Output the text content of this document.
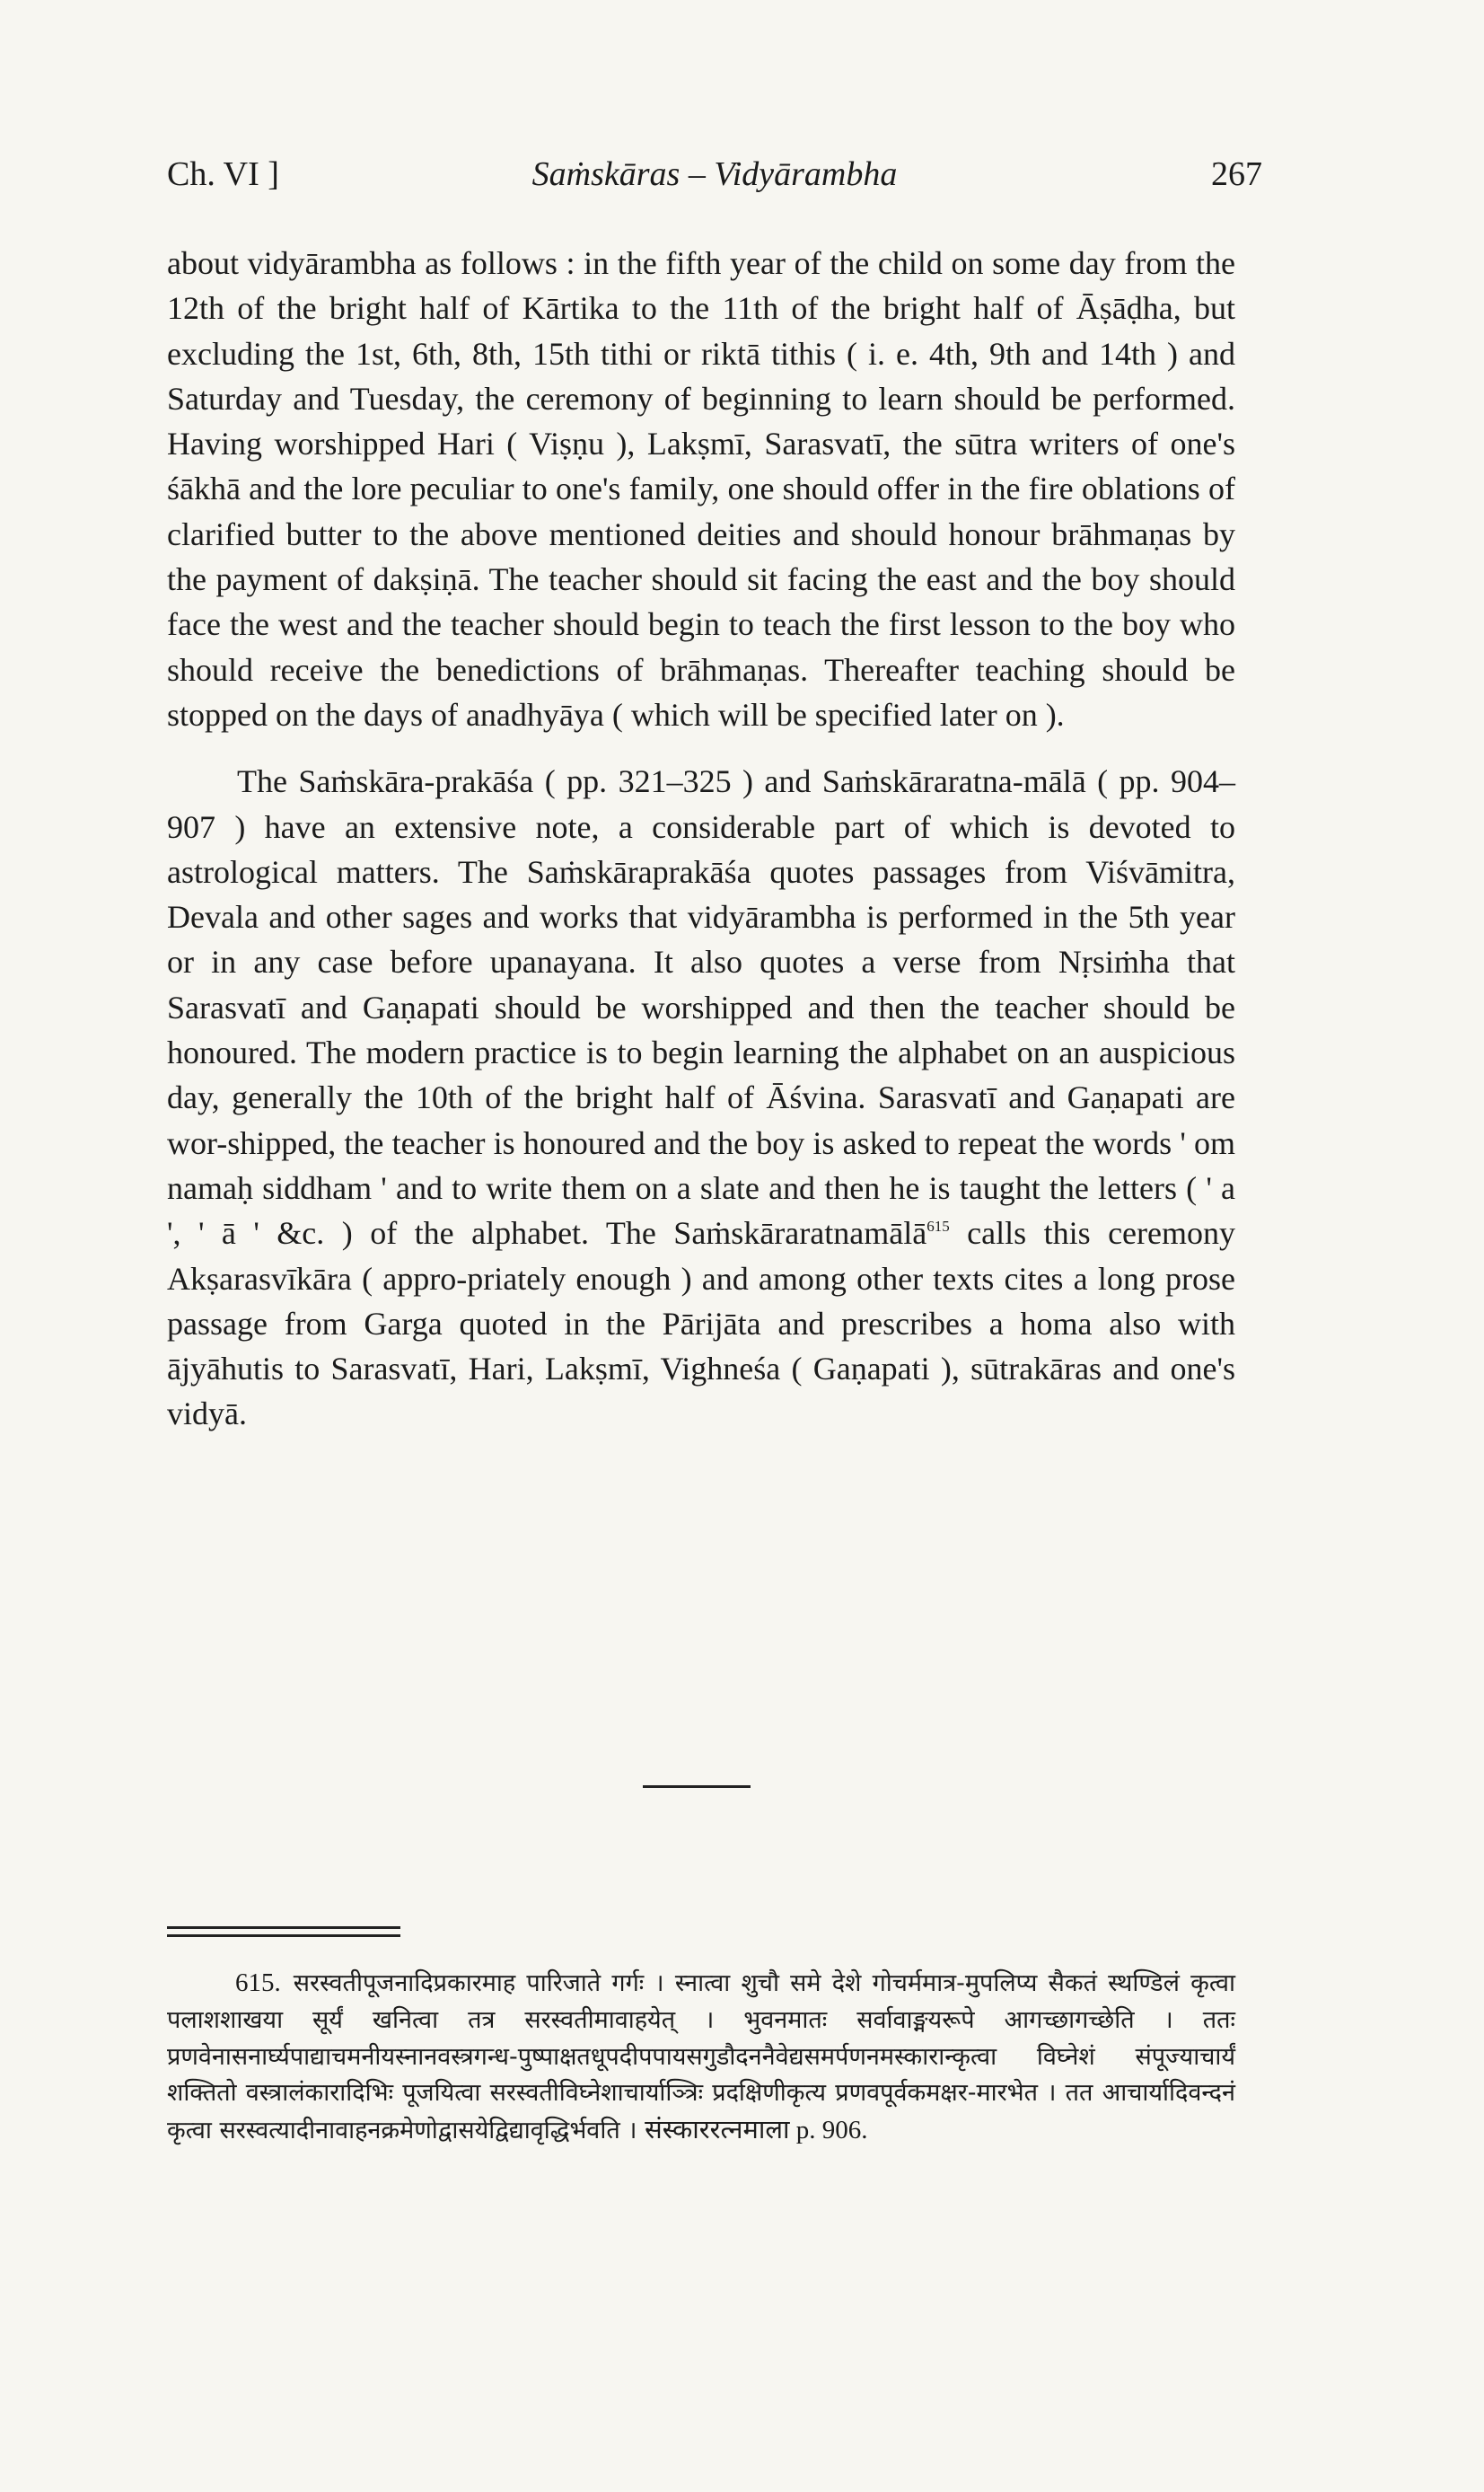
Ch. VI ]	Saṁskāras – Vidyārambha	267

about vidyārambha as follows : in the fifth year of the child on some day from the 12th of the bright half of Kārtika to the 11th of the bright half of Āṣāḍha, but excluding the 1st, 6th, 8th, 15th tithi or riktā tithis ( i. e. 4th, 9th and 14th ) and Saturday and Tuesday, the ceremony of beginning to learn should be performed. Having worshipped Hari ( Viṣṇu ), Lakṣmī, Sarasvatī, the sūtra writers of one's śākhā and the lore peculiar to one's family, one should offer in the fire oblations of clarified butter to the above mentioned deities and should honour brāhmaṇas by the payment of dakṣiṇā. The teacher should sit facing the east and the boy should face the west and the teacher should begin to teach the first lesson to the boy who should receive the benedictions of brāhmaṇas. Thereafter teaching should be stopped on the days of anadhyāya ( which will be specified later on ).

The Saṁskāra-prakāśa ( pp. 321–325 ) and Saṁskāraratna-mālā ( pp. 904–907 ) have an extensive note, a considerable part of which is devoted to astrological matters. The Saṁskāraprakāśa quotes passages from Viśvāmitra, Devala and other sages and works that vidyārambha is performed in the 5th year or in any case before upanayana. It also quotes a verse from Nṛsiṁha that Sarasvatī and Gaṇapati should be worshipped and then the teacher should be honoured. The modern practice is to begin learning the alphabet on an auspicious day, generally the 10th of the bright half of Āśvina. Sarasvatī and Gaṇapati are wor-shipped, the teacher is honoured and the boy is asked to repeat the words ' om namaḥ siddham ' and to write them on a slate and then he is taught the letters ( ' a ', ' ā ' &c. ) of the alphabet. The Saṁskāraratnamālā$^{615}$ calls this ceremony Akṣarasvīkāra ( appro-priately enough ) and among other texts cites a long prose passage from Garga quoted in the Pārijāta and prescribes a homa also with ājyāhutis to Sarasvatī, Hari, Lakṣmī, Vighneśa ( Gaṇapati ), sūtrakāras and one's vidyā.

615. सरस्वतीपूजनादिप्रकारमाह पारिजाते गर्गः । स्नात्वा शुचौ समे देशे गोचर्ममात्र-मुपलिप्य सैकतं स्थण्डिलं कृत्वा पलाशशाखया सूर्यं खनित्वा तत्र सरस्वतीमावाहयेत् । भुवनमातः सर्वावाङ्मयरूपे आगच्छागच्छेति । ततः प्रणवेनासनार्घ्यपाद्याचमनीयस्नानवस्त्रगन्ध-पुष्पाक्षतधूपदीपपायसगुडौदननैवेद्यसमर्पणनमस्कारान्कृत्वा विघ्नेशं संपूज्याचार्यं शक्तितो वस्त्रालंकारादिभिः पूजयित्वा सरस्वतीविघ्नेशाचार्याञ्त्रिः प्रदक्षिणीकृत्य प्रणवपूर्वकमक्षर-मारभेत । तत आचार्यादिवन्दनं कृत्वा सरस्वत्यादीनावाहनक्रमेणोद्वासयेद्विद्यावृद्धिर्भवति । संस्काररत्नमाला p. 906.
